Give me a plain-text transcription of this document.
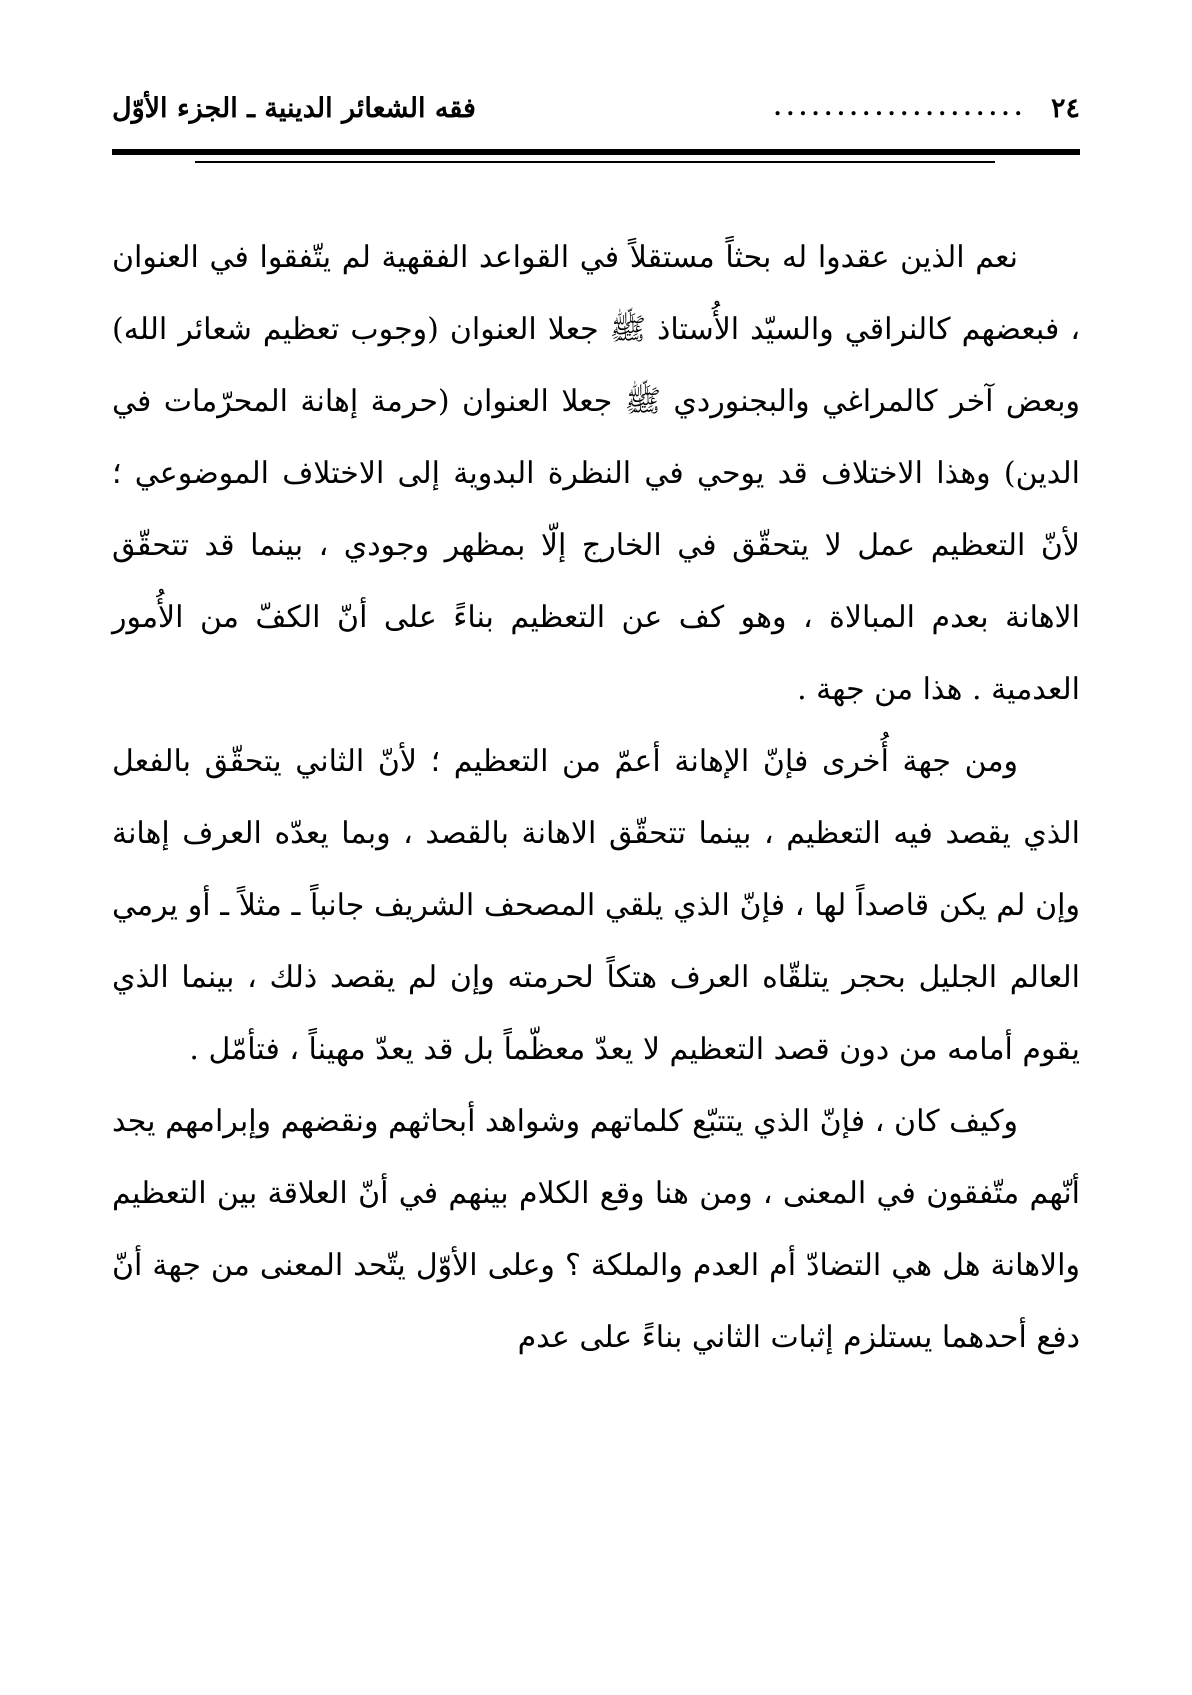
٢٤
....................
فقه الشعائر الدينية ـ الجزء الأوّل

نعم الذين عقدوا له بحثاً مستقلاً في القواعد الفقهية لم يتّفقوا في العنوان ، فبعضهم كالنراقي والسيّد الأُستاذ ﷺ جعلا العنوان (وجوب تعظيم شعائر الله) وبعض آخر كالمراغي والبجنوردي ﷺ جعلا العنوان (حرمة إهانة المحرّمات في الدين) وهذا الاختلاف قد يوحي في النظرة البدوية إلى الاختلاف الموضوعي ؛ لأنّ التعظيم عمل لا يتحقّق في الخارج إلّا بمظهر وجودي ، بينما قد تتحقّق الاهانة بعدم المبالاة ، وهو كف عن التعظيم بناءً على أنّ الكفّ من الأُمور العدمية . هذا من جهة .

ومن جهة أُخرى فإنّ الإهانة أعمّ من التعظيم ؛ لأنّ الثاني يتحقّق بالفعل الذي يقصد فيه التعظيم ، بينما تتحقّق الاهانة بالقصد ، وبما يعدّه العرف إهانة وإن لم يكن قاصداً لها ، فإنّ الذي يلقي المصحف الشريف جانباً ـ مثلاً ـ أو يرمي العالم الجليل بحجر يتلقّاه العرف هتكاً لحرمته وإن لم يقصد ذلك ، بينما الذي يقوم أمامه من دون قصد التعظيم لا يعدّ معظّماً بل قد يعدّ مهيناً ، فتأمّل .

وكيف كان ، فإنّ الذي يتتبّع كلماتهم وشواهد أبحاثهم ونقضهم وإبرامهم يجد أنّهم متّفقون في المعنى ، ومن هنا وقع الكلام بينهم في أنّ العلاقة بين التعظيم والاهانة هل هي التضادّ أم العدم والملكة ؟ وعلى الأوّل يتّحد المعنى من جهة أنّ دفع أحدهما يستلزم إثبات الثاني بناءً على عدم
